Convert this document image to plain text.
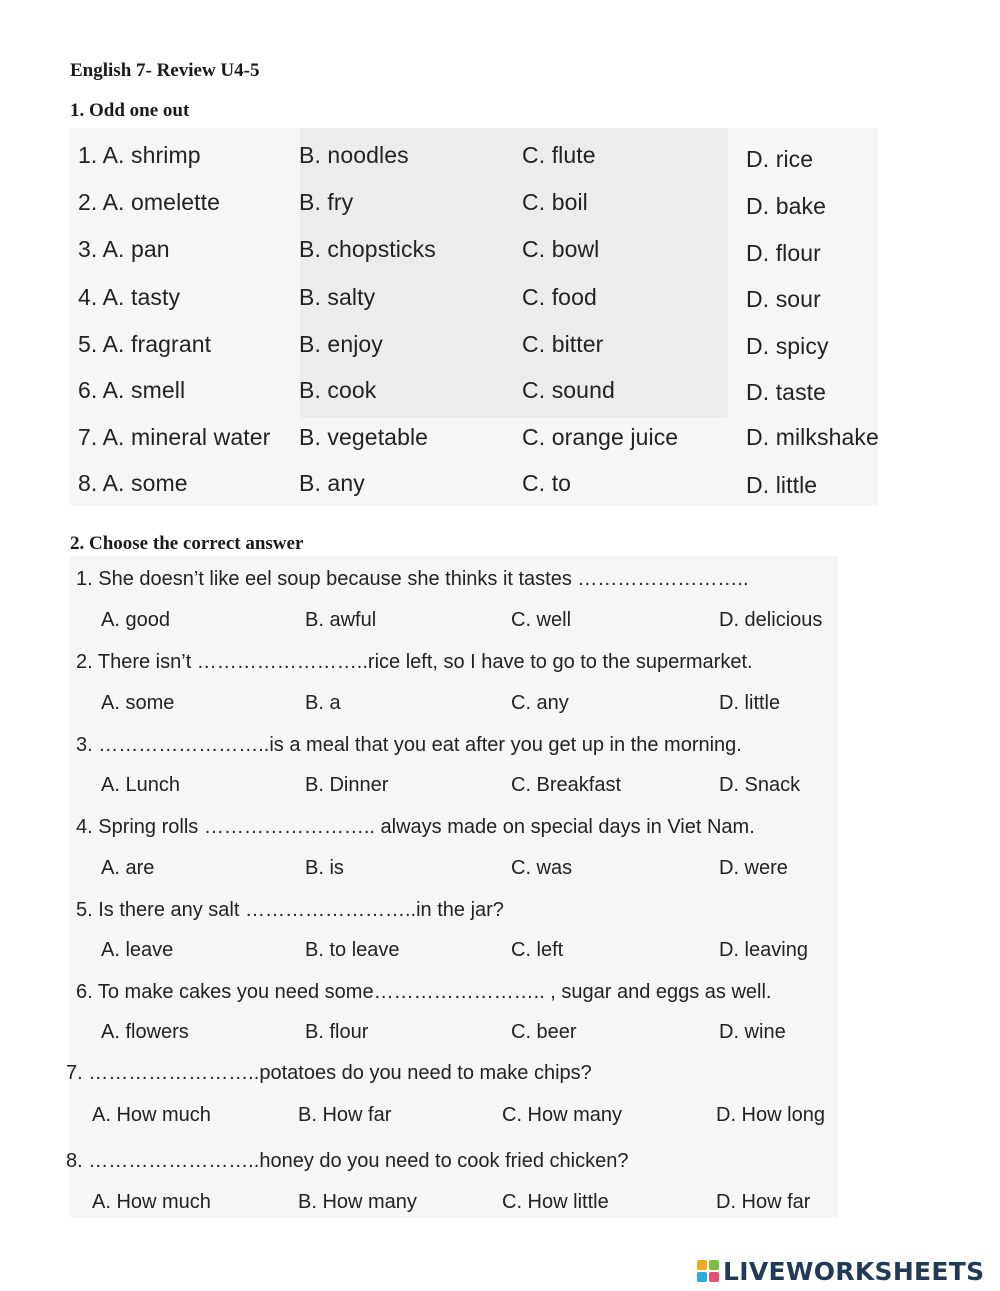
English 7- Review U4-5
1. Odd one out
1. A. shrimp	B. noodles	C. flute	D. rice
2. A. omelette	B. fry	C. boil	D. bake
3. A. pan	B. chopsticks	C. bowl	D. flour
4. A. tasty	B. salty	C. food	D. sour
5. A. fragrant	B. enjoy	C. bitter	D. spicy
6. A. smell	B. cook	C. sound	D. taste
7. A. mineral water B. vegetable	C. orange juice	D. milkshake
8. A. some	B. any	C. to	D. little
2. Choose the correct answer
1. She doesn’t like eel soup because she thinks it tastes ……………………..
A. good	B. awful	C. well	D. delicious
2. There isn’t ……………………..rice left, so I have to go to the supermarket.
A. some	B. a	C. any	D. little
3. ……………………..is a meal that you eat after you get up in the morning.
A. Lunch	B. Dinner	C. Breakfast	D. Snack
4. Spring rolls …………………….. always made on special days in Viet Nam.
A. are	B. is	C. was	D. were
5. Is there any salt ……………………..in the jar?
A. leave	B. to leave	C. left	D. leaving
6. To make cakes you need some…………………….. , sugar and eggs as well.
A. flowers	B. flour	C. beer	D. wine
7. ……………………..potatoes do you need to make chips?
A. How much	B. How far	C. How many	D. How long
8. ……………………..honey do you need to cook fried chicken?
A. How much	B. How many	C. How little	D. How far
LIVEWORKSHEETS
